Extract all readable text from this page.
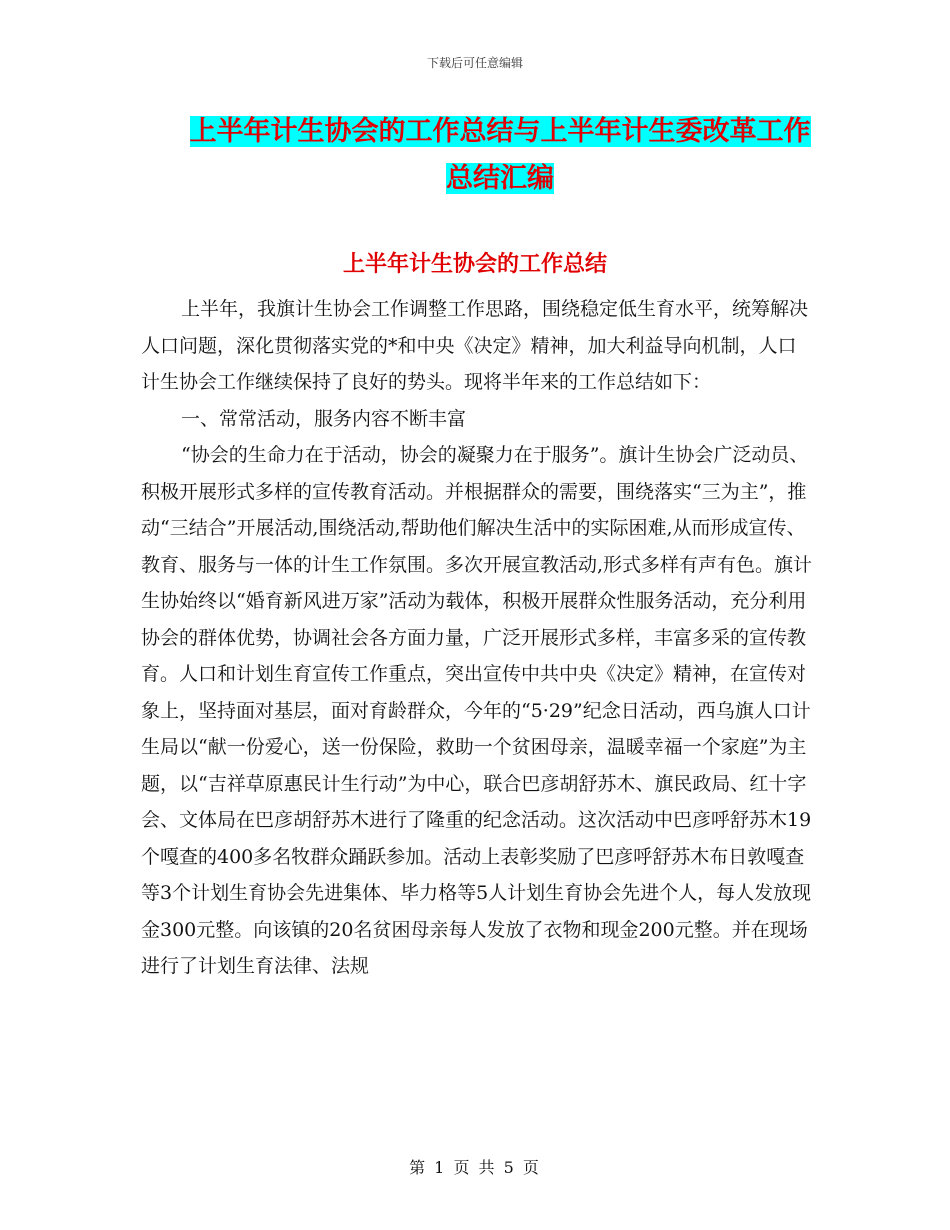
下载后可任意编辑
上半年计生协会的工作总结与上半年计生委改革工作
总结汇编
上半年计生协会的工作总结

上半年，我旗计生协会工作调整工作思路，围绕稳定低生育水平，统筹解决人口问题，深化贯彻落实党的*和中央《决定》精神，加大利益导向机制，人口计生协会工作继续保持了良好的势头。现将半年来的工作总结如下：

一、常常活动，服务内容不断丰富

“协会的生命力在于活动，协会的凝聚力在于服务”。旗计生协会广泛动员、积极开展形式多样的宣传教育活动。并根据群众的需要，围绕落实“三为主”，推动“三结合”开展活动,围绕活动,帮助他们解决生活中的实际困难,从而形成宣传、教育、服务与一体的计生工作氛围。多次开展宣教活动,形式多样有声有色。旗计生协始终以“婚育新风进万家”活动为载体，积极开展群众性服务活动，充分利用协会的群体优势，协调社会各方面力量，广泛开展形式多样，丰富多采的宣传教育。人口和计划生育宣传工作重点，突出宣传中共中央《决定》精神，在宣传对象上，坚持面对基层，面对育龄群众，今年的“5·29”纪念日活动，西乌旗人口计生局以“献一份爱心，送一份保险，救助一个贫困母亲，温暖幸福一个家庭”为主题，以“吉祥草原惠民计生行动”为中心，联合巴彦胡舒苏木、旗民政局、红十字会、文体局在巴彦胡舒苏木进行了隆重的纪念活动。这次活动中巴彦呼舒苏木19个嘎查的400多名牧群众踊跃参加。活动上表彰奖励了巴彦呼舒苏木布日敦嘎查等3个计划生育协会先进集体、毕力格等5人计划生育协会先进个人，每人发放现金300元整。向该镇的20名贫困母亲每人发放了衣物和现金200元整。并在现场进行了计划生育法律、法规

第 1 页 共 5 页
